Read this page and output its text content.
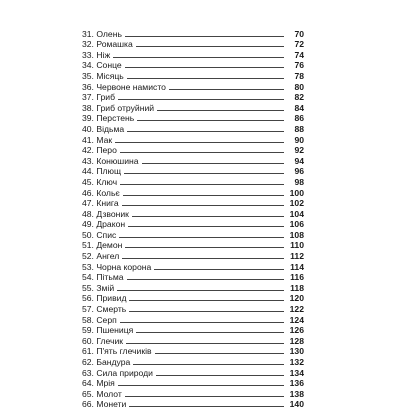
31. Олень	70
32. Ромашка	72
33. Ніж	74
34. Сонце	76
35. Місяць	78
36. Червоне намисто	80
37. Гриб	82
38. Гриб отруйний	84
39. Перстень	86
40. Відьма	88
41. Мак	90
42. Перо	92
43. Конюшина	94
44. Плющ	96
45. Ключ	98
46. Кольє	100
47. Книга	102
48. Дзвоник	104
49. Дракон	106
50. Спис	108
51. Демон	110
52. Ангел	112
53. Чорна корона	114
54. Пітьма	116
55. Змій	118
56. Привид	120
57. Смерть	122
58. Серп	124
59. Пшениця	126
60. Глечик	128
61. П'ять глечиків	130
62. Бандура	132
63. Сила природи	134
64. Мрія	136
65. Молот	138
66. Монети	140
